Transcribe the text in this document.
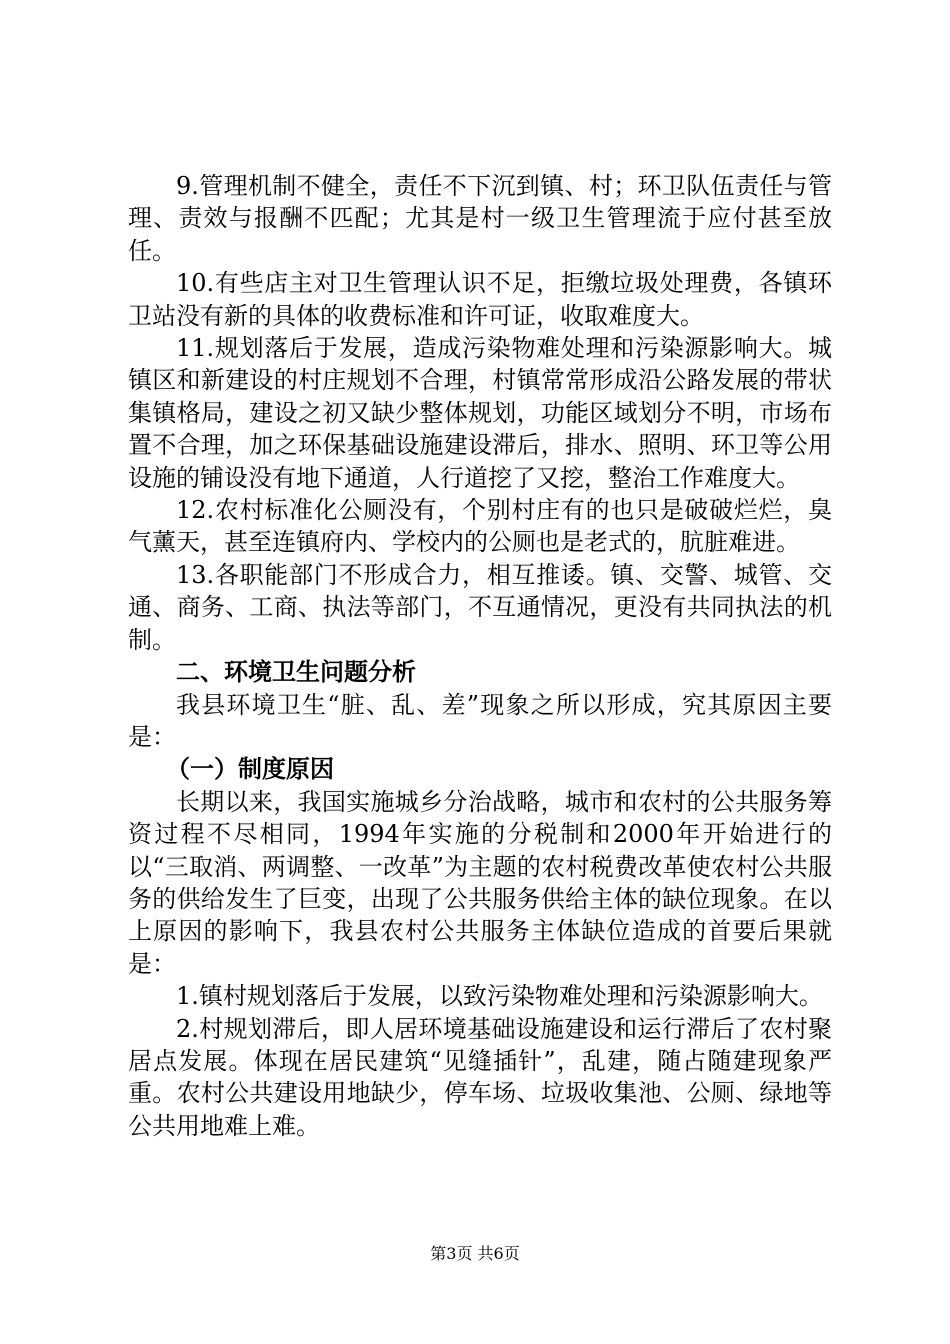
9.管理机制不健全，责任不下沉到镇、村；环卫队伍责任与管理、责效与报酬不匹配；尤其是村一级卫生管理流于应付甚至放任。

10.有些店主对卫生管理认识不足，拒缴垃圾处理费，各镇环卫站没有新的具体的收费标准和许可证，收取难度大。

11.规划落后于发展，造成污染物难处理和污染源影响大。城镇区和新建设的村庄规划不合理，村镇常常形成沿公路发展的带状集镇格局，建设之初又缺少整体规划，功能区域划分不明，市场布置不合理，加之环保基础设施建设滞后，排水、照明、环卫等公用设施的铺设没有地下通道，人行道挖了又挖，整治工作难度大。

12.农村标准化公厕没有，个别村庄有的也只是破破烂烂，臭气薰天，甚至连镇府内、学校内的公厕也是老式的，肮脏难进。

13.各职能部门不形成合力，相互推诿。镇、交警、城管、交通、商务、工商、执法等部门，不互通情况，更没有共同执法的机制。

二、环境卫生问题分析

我县环境卫生“脏、乱、差”现象之所以形成，究其原因主要是：

（一）制度原因

长期以来，我国实施城乡分治战略，城市和农村的公共服务筹资过程不尽相同，1994年实施的分税制和2000年开始进行的以“三取消、两调整、一改革”为主题的农村税费改革使农村公共服务的供给发生了巨变，出现了公共服务供给主体的缺位现象。在以上原因的影响下，我县农村公共服务主体缺位造成的首要后果就是：

1.镇村规划落后于发展，以致污染物难处理和污染源影响大。

2.村规划滞后，即人居环境基础设施建设和运行滞后了农村聚居点发展。体现在居民建筑“见缝插针”，乱建，随占随建现象严重。农村公共建设用地缺少，停车场、垃圾收集池、公厕、绿地等公共用地难上难。

第3页 共6页
